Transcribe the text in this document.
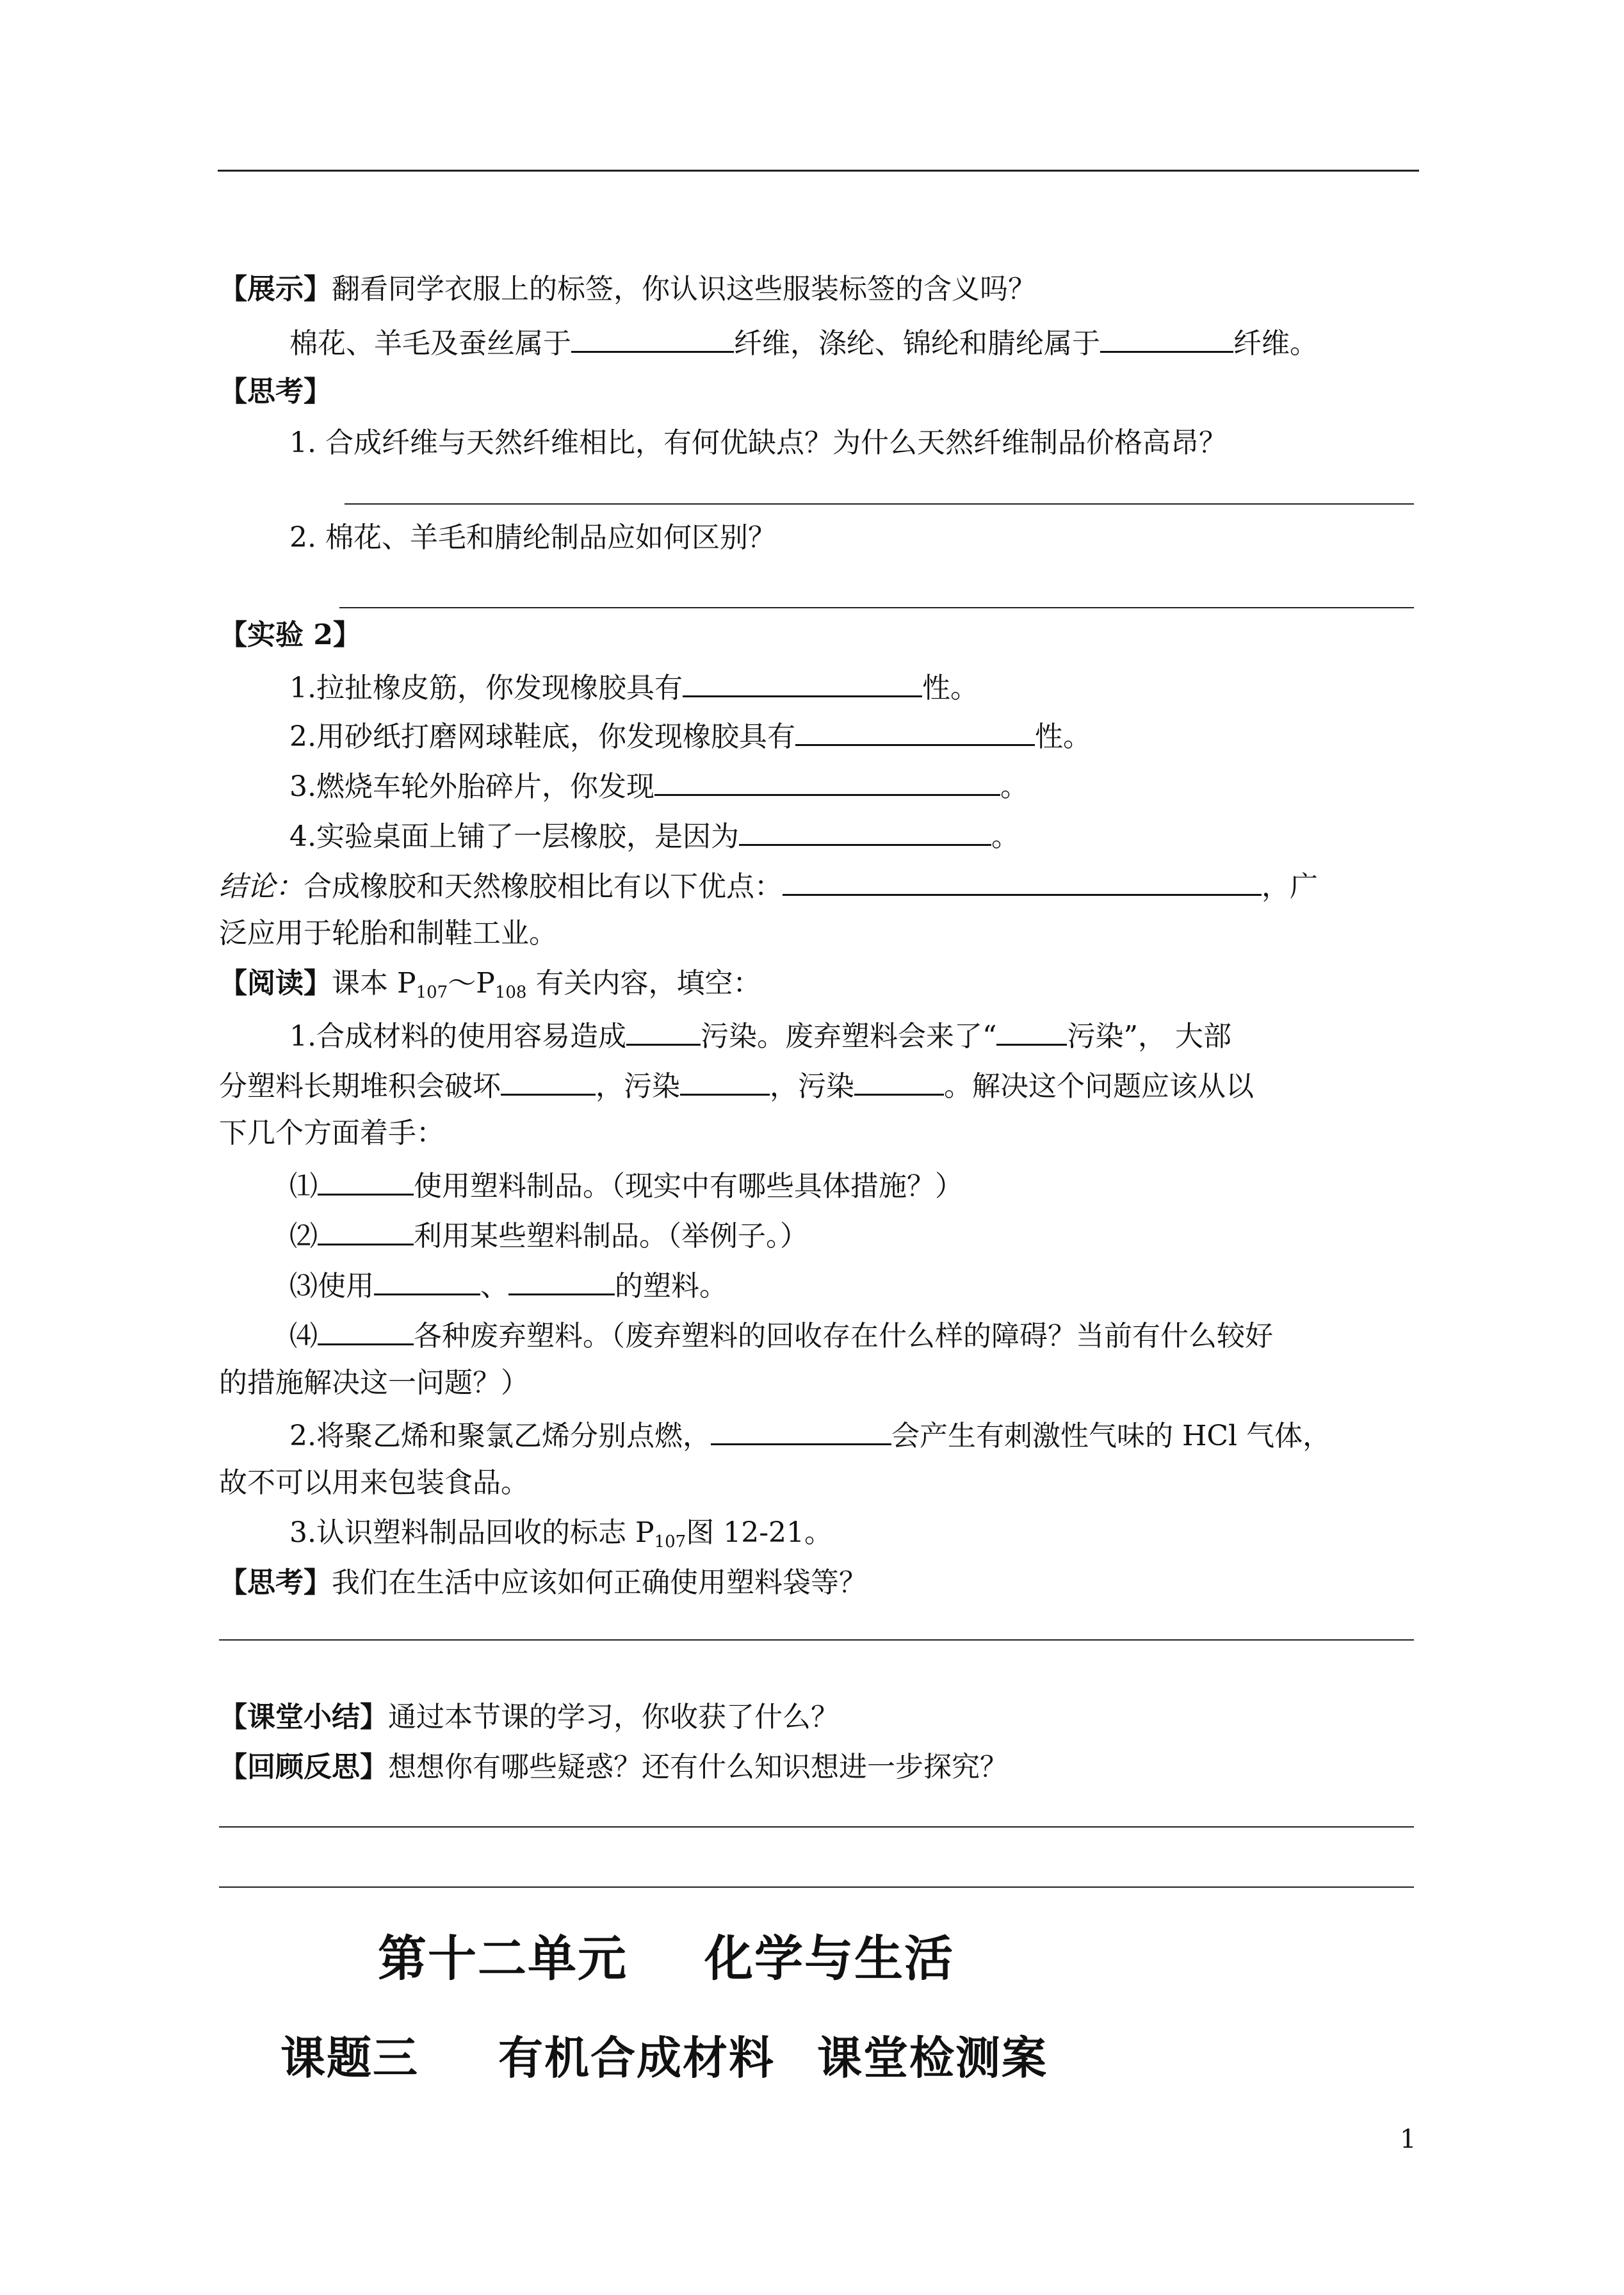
【展示】翻看同学衣服上的标签，你认识这些服装标签的含义吗？
棉花、羊毛及蚕丝属于	纤维，涤纶、锦纶和腈纶属于	纤维。
【思考】
1. 合成纤维与天然纤维相比，有何优缺点？为什么天然纤维制品价格高昂？
2. 棉花、羊毛和腈纶制品应如何区别？
【实验 2】
1.拉扯橡皮筋，你发现橡胶具有	性。
2.用砂纸打磨网球鞋底，你发现橡胶具有	性。
3.燃烧车轮外胎碎片，你发现	。
4.实验桌面上铺了一层橡胶，是因为	。
结论：合成橡胶和天然橡胶相比有以下优点：	，广
泛应用于轮胎和制鞋工业。
【阅读】课本 $P_{107}\sim P_{108}$ 有关内容，填空：
1.合成材料的使用容易造成	污染。废弃塑料会来了“	污染”， 大部
分塑料长期堆积会破坏	，污染	，污染	。解决这个问题应该从以
下几个方面着手：
⑴	使用塑料制品。（现实中有哪些具体措施？）
⑵	利用某些塑料制品。（举例子。）
⑶使用	、	的塑料。
⑷	各种废弃塑料。（废弃塑料的回收存在什么样的障碍？当前有什么较好
的措施解决这一问题？）
2.将聚乙烯和聚氯乙烯分别点燃，	会产生有刺激性气味的 HCl 气体，
故不可以用来包装食品。
3.认识塑料制品回收的标志 $P_{107}$图 12-21。
【思考】我们在生活中应该如何正确使用塑料袋等？
【课堂小结】通过本节课的学习，你收获了什么？
【回顾反思】想想你有哪些疑惑？还有什么知识想进一步探究？
第十二单元 化学与生活
课题三 有机合成材料 课堂检测案
1
